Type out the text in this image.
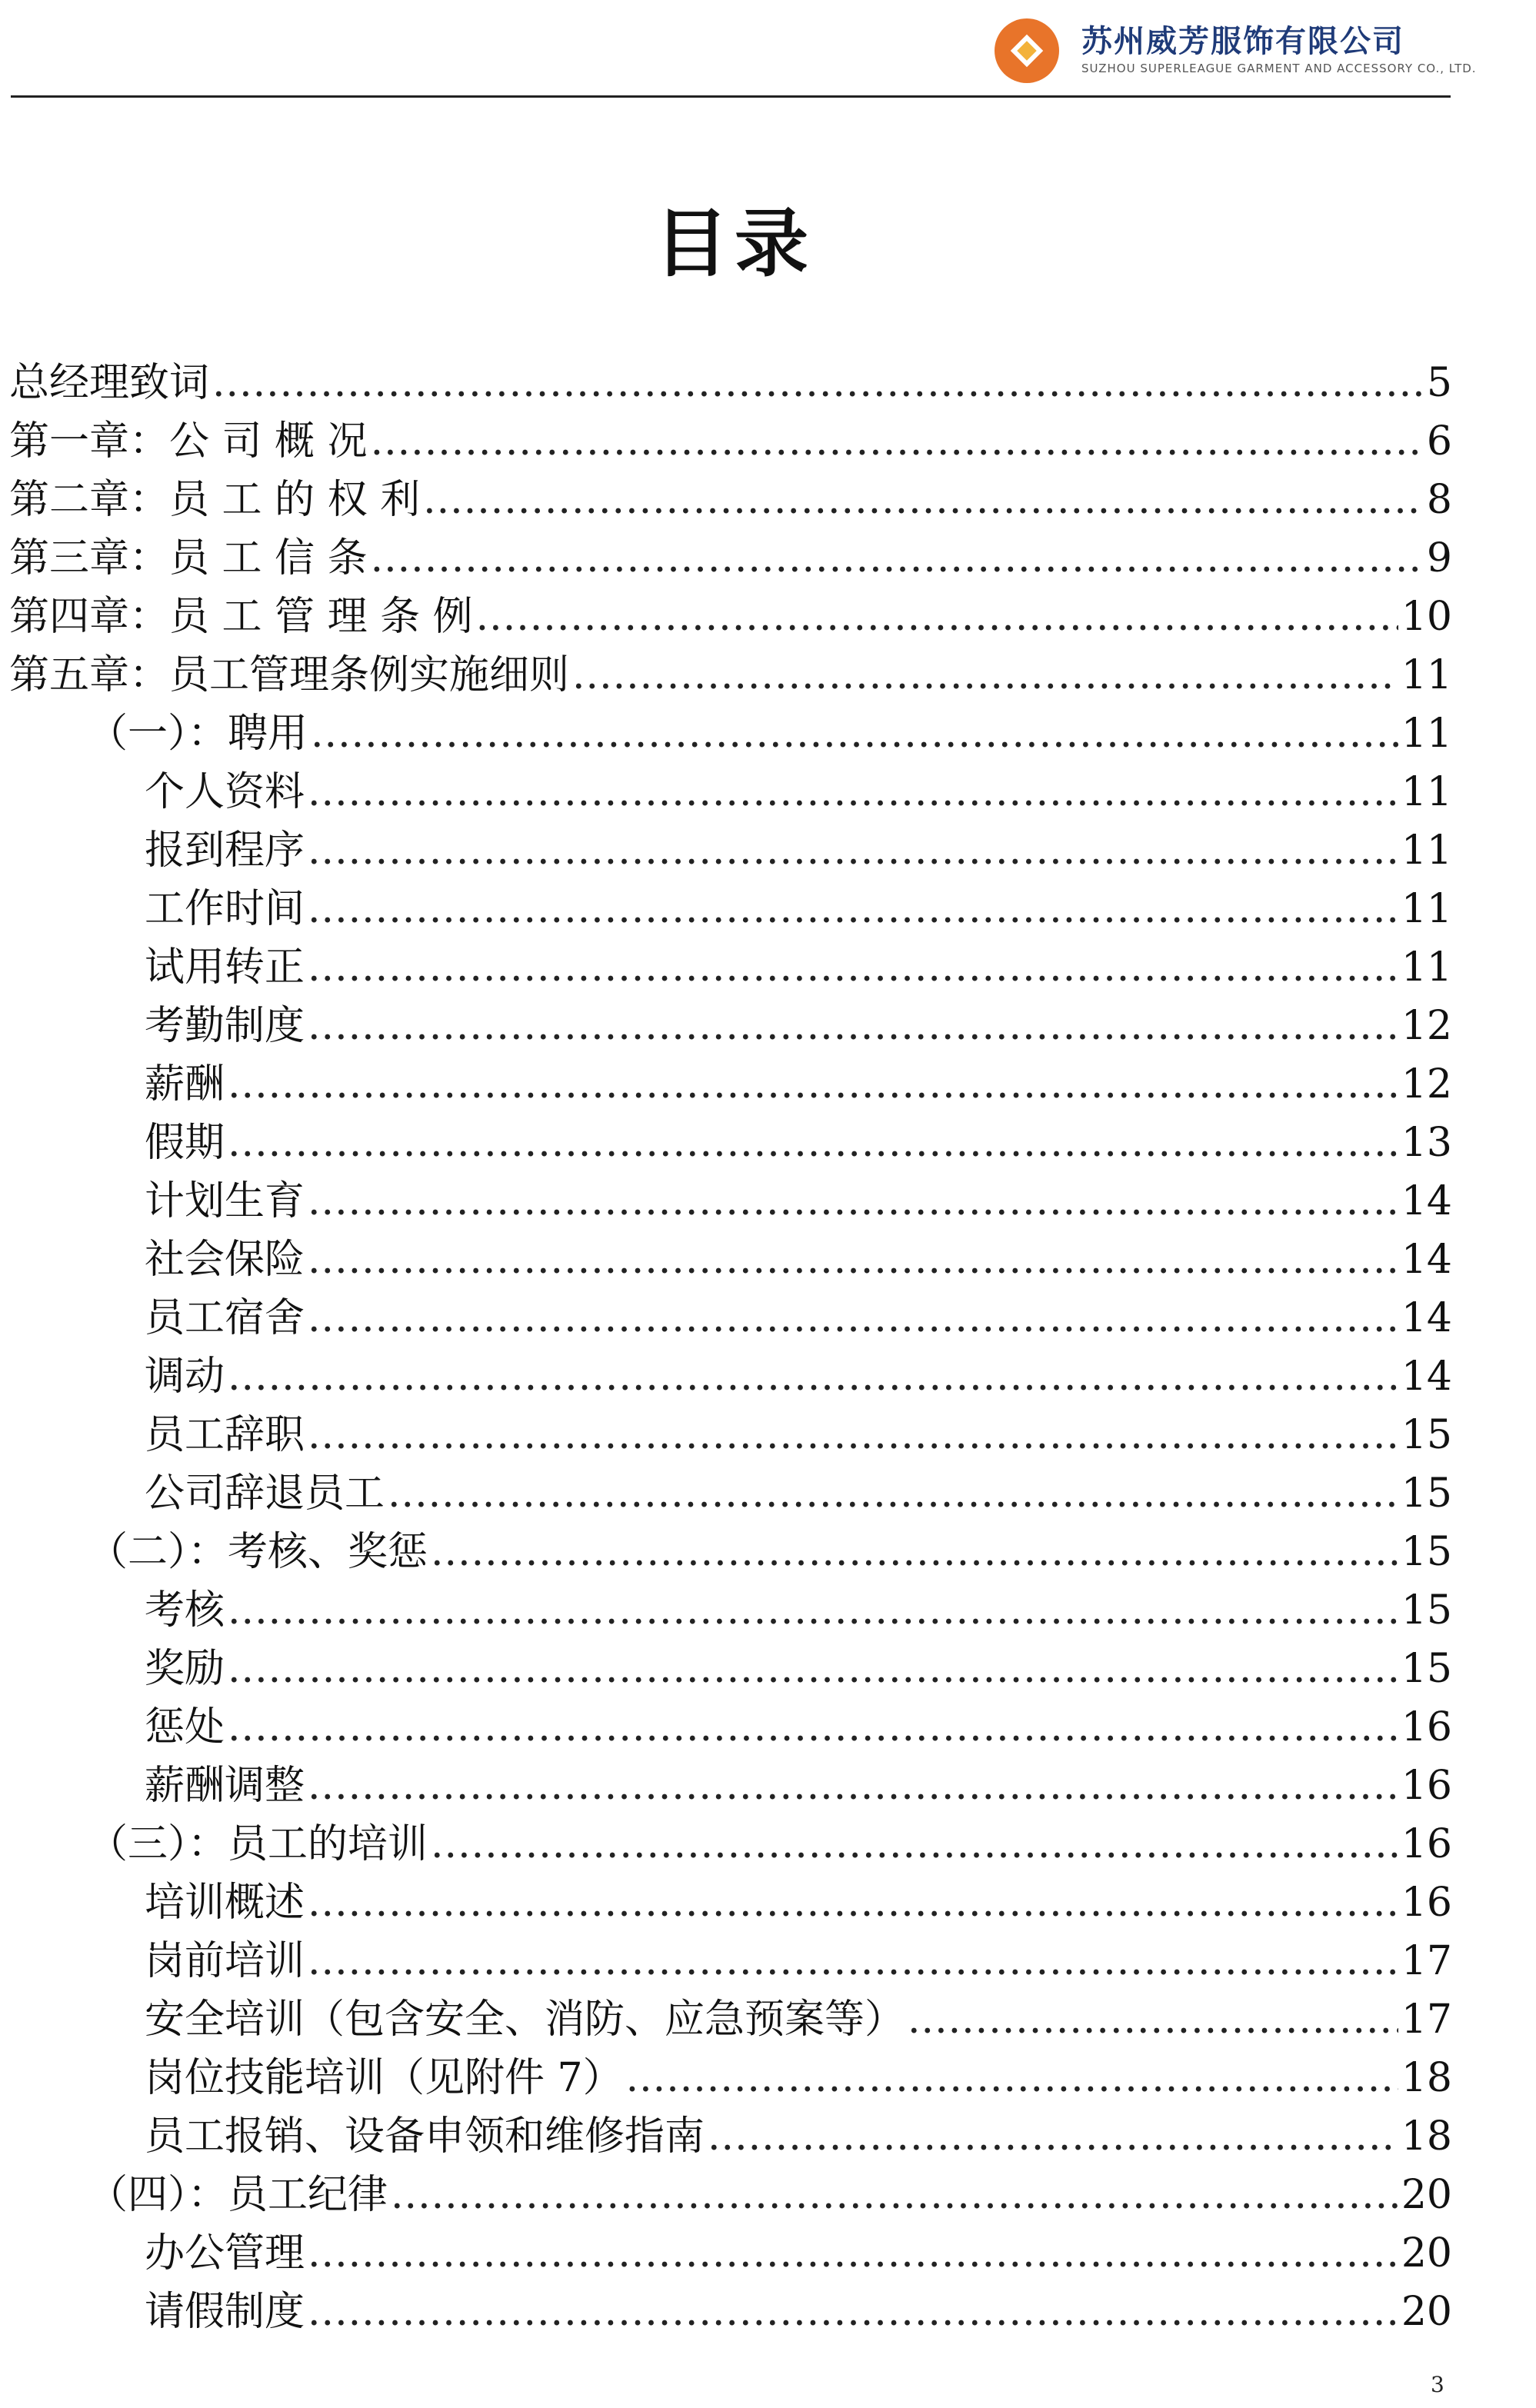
苏州威芳服饰有限公司
SUZHOU SUPERLEAGUE GARMENT AND ACCESSORY CO., LTD.
目录
总经理致词 .....	5
第一章：公 司 概 况 .....	6
第二章：员 工 的 权 利 .....	8
第三章：员 工 信 条 .....	9
第四章：员 工 管 理 条 例 .....	10
第五章：员工管理条例实施细则 .....	11
（一）：聘用 .....	11
个人资料 .....	11
报到程序 .....	11
工作时间 .....	11
试用转正 .....	11
考勤制度 .....	12
薪酬 .....	12
假期 .....	13
计划生育 .....	14
社会保险 .....	14
员工宿舍 .....	14
调动 .....	14
员工辞职 .....	15
公司辞退员工 .....	15
（二）：考核、奖惩 .....	15
考核 .....	15
奖励 .....	15
惩处 .....	16
薪酬调整 .....	16
（三）：员工的培训 .....	16
培训概述 .....	16
岗前培训 .....	17
安全培训（包含安全、消防、应急预案等） .....	17
岗位技能培训（见附件 7） .....	18
员工报销、设备申领和维修指南 .....	18
（四）：员工纪律 .....	20
办公管理 .....	20
请假制度 .....	20
3
